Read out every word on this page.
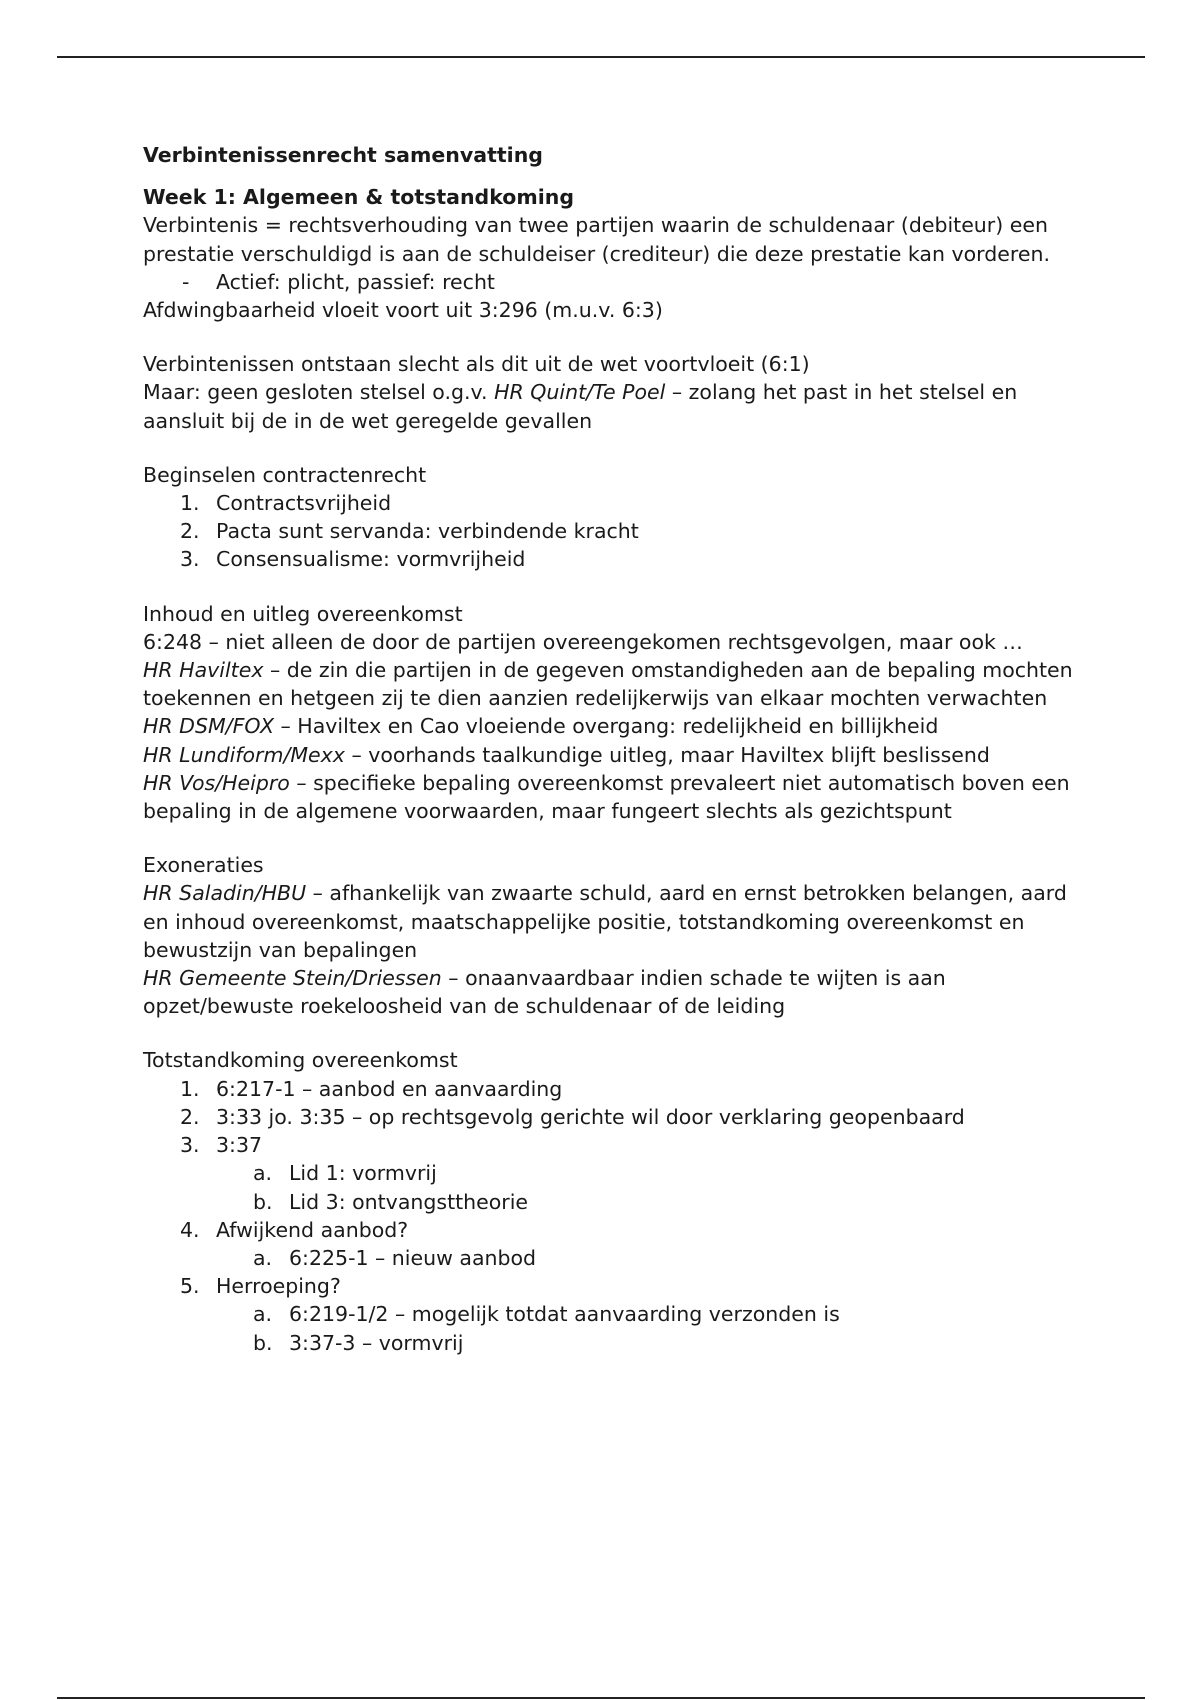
Verbintenissenrecht samenvatting

Week 1: Algemeen & totstandkoming

Verbintenis = rechtsverhouding van twee partijen waarin de schuldenaar (debiteur) een prestatie verschuldigd is aan de schuldeiser (crediteur) die deze prestatie kan vorderen.

-	Actief: plicht, passief: recht

Afdwingbaarheid vloeit voort uit 3:296 (m.u.v. 6:3)

Verbintenissen ontstaan slecht als dit uit de wet voortvloeit (6:1)

Maar: geen gesloten stelsel o.g.v. HR Quint/Te Poel – zolang het past in het stelsel en aansluit bij de in de wet geregelde gevallen

Beginselen contractenrecht

1. Contractsvrijheid
2. Pacta sunt servanda: verbindende kracht
3. Consensualisme: vormvrijheid

Inhoud en uitleg overeenkomst

6:248 – niet alleen de door de partijen overeengekomen rechtsgevolgen, maar ook …

HR Haviltex – de zin die partijen in de gegeven omstandigheden aan de bepaling mochten toekennen en hetgeen zij te dien aanzien redelijkerwijs van elkaar mochten verwachten

HR DSM/FOX – Haviltex en Cao vloeiende overgang: redelijkheid en billijkheid

HR Lundiform/Mexx – voorhands taalkundige uitleg, maar Haviltex blijft beslissend

HR Vos/Heipro – specifieke bepaling overeenkomst prevaleert niet automatisch boven een bepaling in de algemene voorwaarden, maar fungeert slechts als gezichtspunt

Exoneraties

HR Saladin/HBU – afhankelijk van zwaarte schuld, aard en ernst betrokken belangen, aard en inhoud overeenkomst, maatschappelijke positie, totstandkoming overeenkomst en bewustzijn van bepalingen

HR Gemeente Stein/Driessen – onaanvaardbaar indien schade te wijten is aan opzet/bewuste roekeloosheid van de schuldenaar of de leiding

Totstandkoming overeenkomst

1. 6:217-1 – aanbod en aanvaarding
2. 3:33 jo. 3:35 – op rechtsgevolg gerichte wil door verklaring geopenbaard
3. 3:37
a. Lid 1: vormvrij
b. Lid 3: ontvangsttheorie
4. Afwijkend aanbod?
a. 6:225-1 – nieuw aanbod
5. Herroeping?
a. 6:219-1/2 – mogelijk totdat aanvaarding verzonden is
b. 3:37-3 – vormvrij
